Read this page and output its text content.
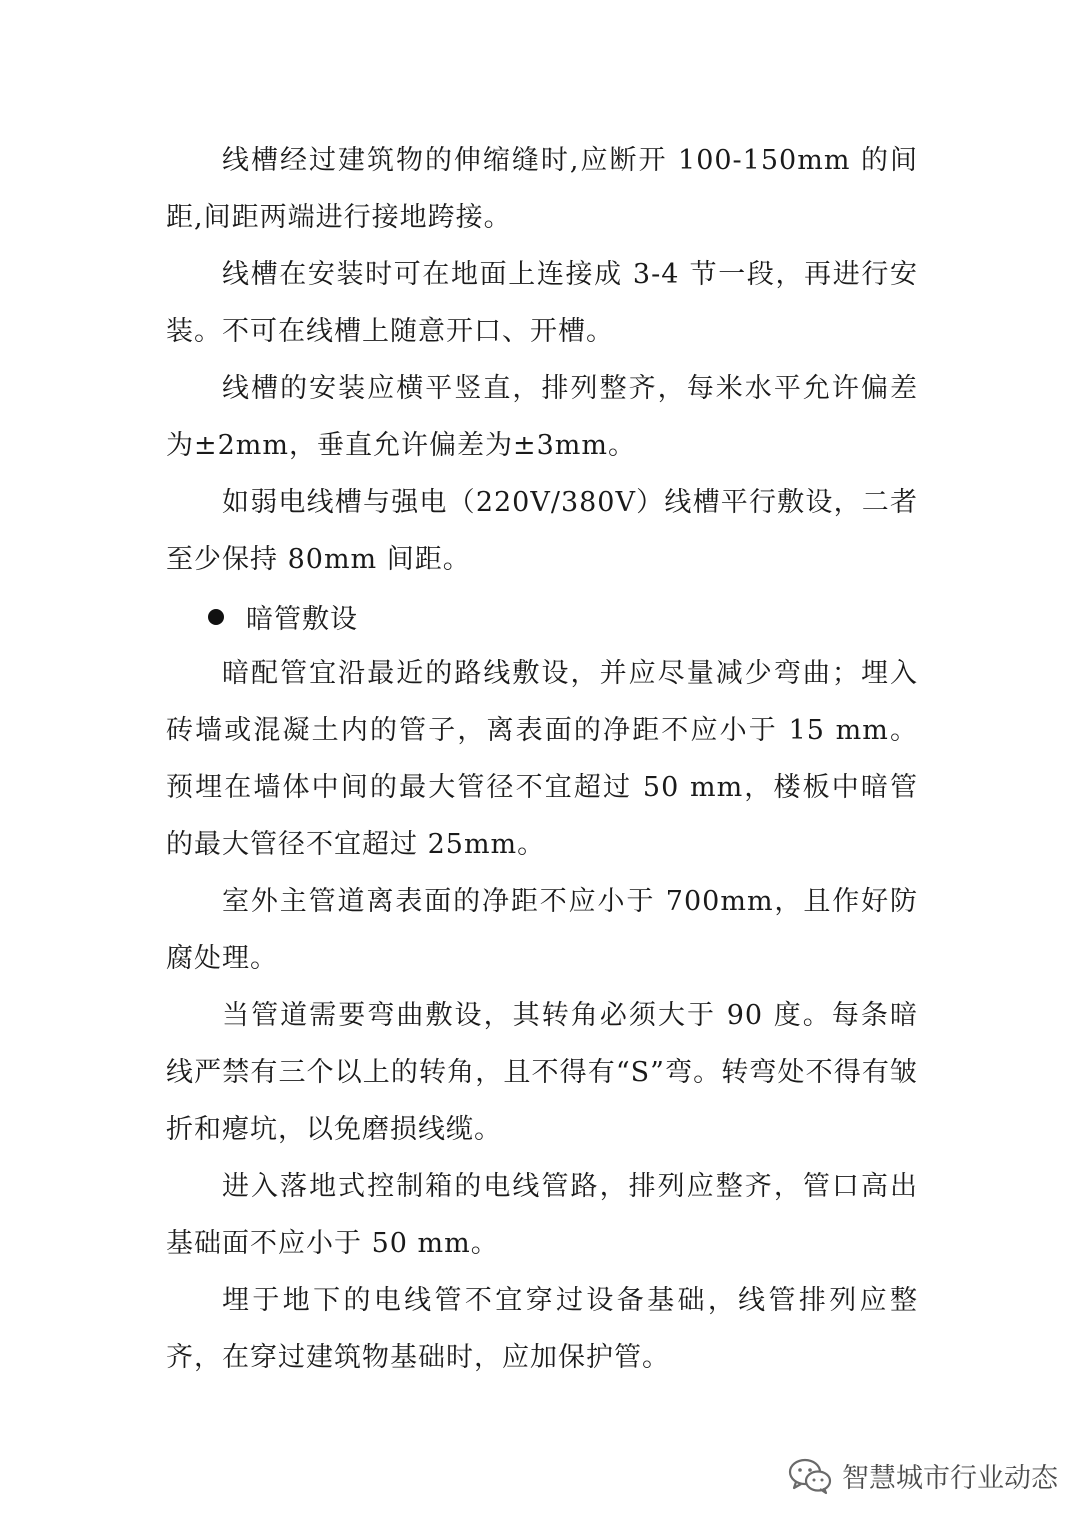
线槽经过建筑物的伸缩缝时,应断开 100-150mm 的间距,间距两端进行接地跨接。

线槽在安装时可在地面上连接成 3-4 节一段，再进行安装。不可在线槽上随意开口、开槽。

线槽的安装应横平竖直，排列整齐，每米水平允许偏差为±2mm，垂直允许偏差为±3mm。

如弱电线槽与强电（220V/380V）线槽平行敷设，二者至少保持 80mm 间距。

暗管敷设

暗配管宜沿最近的路线敷设，并应尽量减少弯曲；埋入砖墙或混凝土内的管子，离表面的净距不应小于 15 mm。预埋在墙体中间的最大管径不宜超过 50 mm，楼板中暗管的最大管径不宜超过 25mm。

室外主管道离表面的净距不应小于 700mm，且作好防腐处理。

当管道需要弯曲敷设，其转角必须大于 90 度。每条暗线严禁有三个以上的转角，且不得有“S”弯。转弯处不得有皱折和瘪坑，以免磨损线缆。

进入落地式控制箱的电线管路，排列应整齐，管口高出基础面不应小于 50 mm。

埋于地下的电线管不宜穿过设备基础，线管排列应整齐，在穿过建筑物基础时，应加保护管。

智慧城市行业动态
